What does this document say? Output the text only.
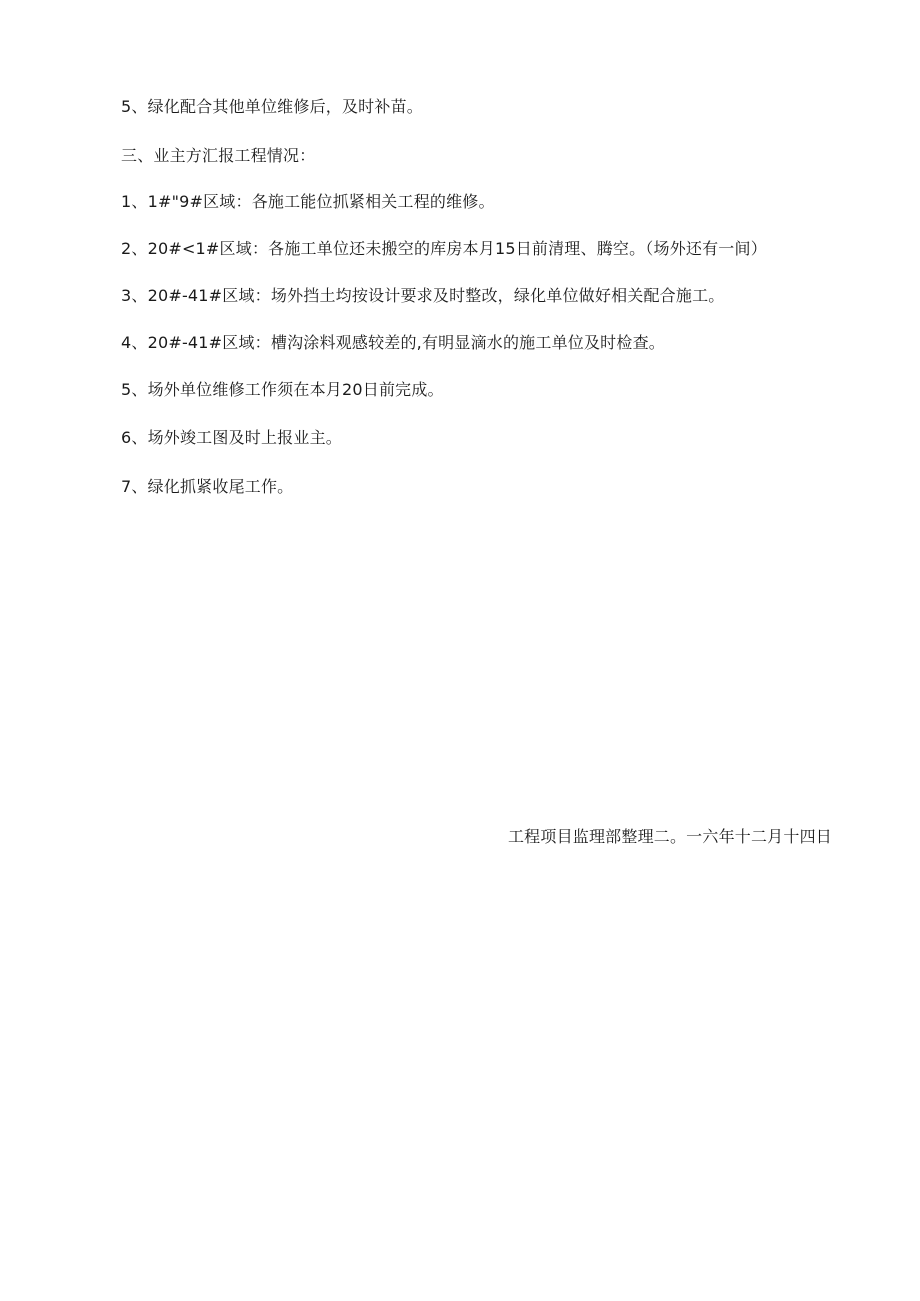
5、绿化配合其他单位维修后，及时补苗。
三、业主方汇报工程情况：
1、1#"9#区域：各施工能位抓紧相关工程的维修。
2、20#<1#区域：各施工单位还未搬空的库房本月15日前清理、腾空。（场外还有一间）
3、20#-41#区域：场外挡土均按设计要求及时整改，绿化单位做好相关配合施工。
4、20#-41#区域：槽沟涂料观感较差的,有明显滴水的施工单位及时检查。
5、场外单位维修工作须在本月20日前完成。
6、场外竣工图及时上报业主。
7、绿化抓紧收尾工作。
工程项目监理部整理二。一六年十二月十四日
